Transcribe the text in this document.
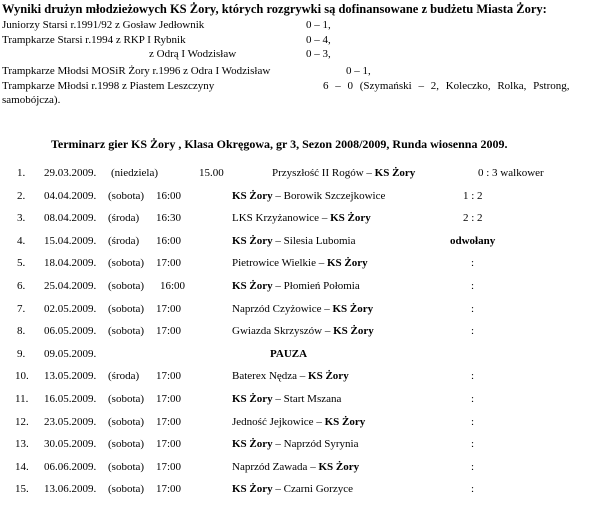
Wyniki drużyn młodzieżowych KS Żory, których rozgrywki są dofinansowane z budżetu Miasta Żory:
Juniorzy Starsi r.1991/92 z Gosław Jedłownik	0 – 1,
Trampkarze Starsi r.1994 z RKP I Rybnik	0 – 4,
z Odrą I Wodzisław	0 – 3,
Trampkarze Młodsi MOSiR Żory r.1996 z Odra I Wodzisław	0 – 1,
Trampkarze Młodsi r.1998 z Piastem Leszczyny	6 – 0 (Szymański – 2, Koleczko, Rolka, Pstrong,
samobójcza).
Terminarz gier KS Żory , Klasa Okręgowa, gr 3, Sezon 2008/2009, Runda wiosenna 2009.
1. 29.03.2009. (niedziela)	15.00	Przyszłość II Rogów – KS Żory	0 : 3 walkower
2. 04.04.2009. (sobota) 16:00	KS Żory – Borowik Szczejkowice	1 : 2
3. 08.04.2009. (środa) 16:30	LKS Krzyżanowice – KS Żory	2 : 2
4. 15.04.2009. (środa) 16:00	KS Żory – Silesia Lubomia	odwołany
5. 18.04.2009. (sobota) 17:00	Pietrowice Wielkie – KS Żory	:
6. 25.04.2009. (sobota) 16:00	KS Żory – Płomień Połomia	:
7. 02.05.2009. (sobota) 17:00	Naprzód Czyżowice – KS Żory	:
8. 06.05.2009. (sobota) 17:00	Gwiazda Skrzyszów – KS Żory	:
9. 09.05.2009.	PAUZA
10. 13.05.2009. (środa) 17:00	Baterex Nędza – KS Żory	:
11. 16.05.2009. (sobota) 17:00	KS Żory – Start Mszana	:
12. 23.05.2009. (sobota) 17:00	Jedność Jejkowice – KS Żory	:
13. 30.05.2009. (sobota) 17:00	KS Żory – Naprzód Syrynia	:
14. 06.06.2009. (sobota) 17:00	Naprzód Zawada – KS Żory	:
15. 13.06.2009. (sobota) 17:00	KS Żory – Czarni Gorzyce	:
